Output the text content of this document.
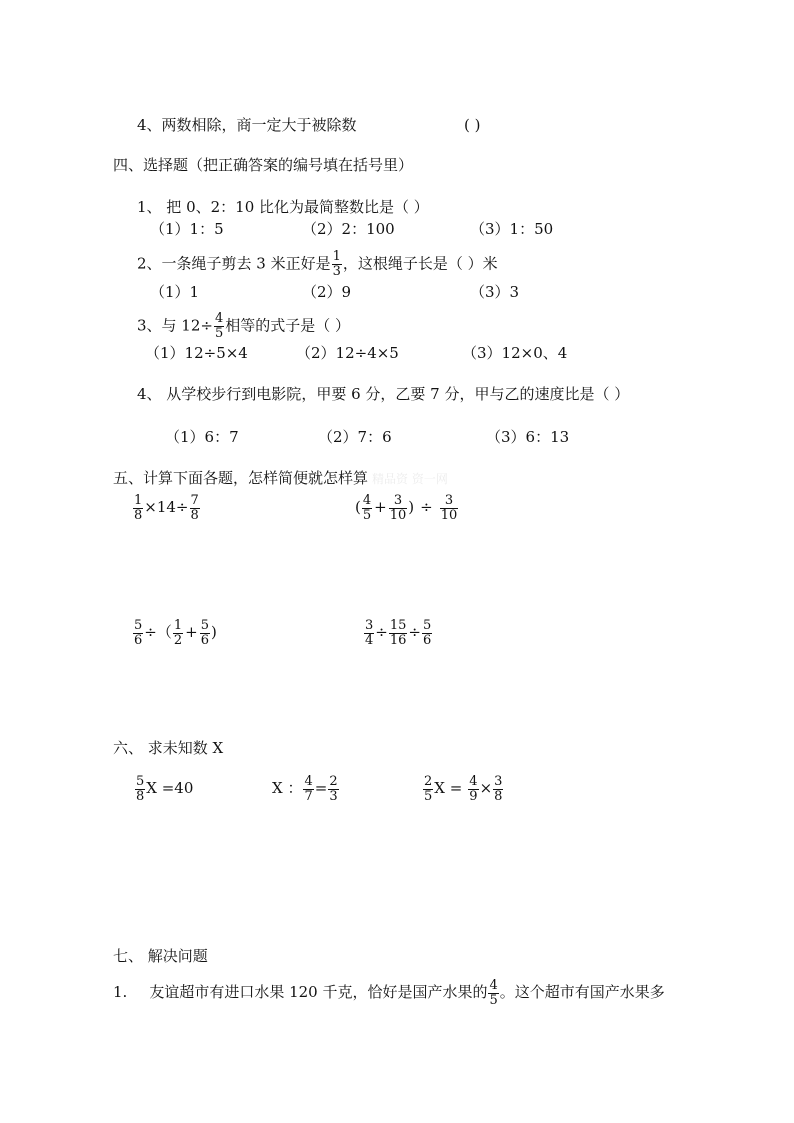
4、两数相除，商一定大于被除数	( )
四、选择题（把正确答案的编号填在括号里）
1、 把 0、2：10 比化为最简整数比是（ ）
（1）1：5	（2）2：100	（3）1：50
2、一条绳子剪去 3 米正好是 $\frac{1}{3}$ ，这根绳子长是（ ）米
（1）1	（2）9	（3）3
3、与 $12\div \frac{4}{5}$ 相等的式子是（ ）
（1）12÷5×4	（2）12÷4×5	（3）12×0、4
4、 从学校步行到电影院，甲要 6 分，乙要 7 分，甲与乙的速度比是（ ）
（1）6：7	（2）7：6	（3）6：13
五、计算下面各题，怎样简便就怎样算 精品资 资一网
$\frac{1}{8} \times 14\div \frac{7}{8}$	( $\frac{4}{5} + \frac{3}{10}$ ) ÷ $\frac{3}{10}$
$\frac{5}{6}$ ÷（ $\frac{1}{2} + \frac{5}{6}$ )	$\frac{3}{4} \div \frac{15}{16} \div \frac{5}{6}$
六、 求未知数 X
$\frac{5}{8}$ X =40	X ： $\frac{4}{7} = \frac{2}{3}$	$\frac{2}{5}$ $X = \frac{4}{9} \times \frac{3}{8}$
七、 解决问题
1. 友谊超市有进口水果 120 千克，恰好是国产水果的 $\frac{4}{5}$ 。这个超市有国产水果多
